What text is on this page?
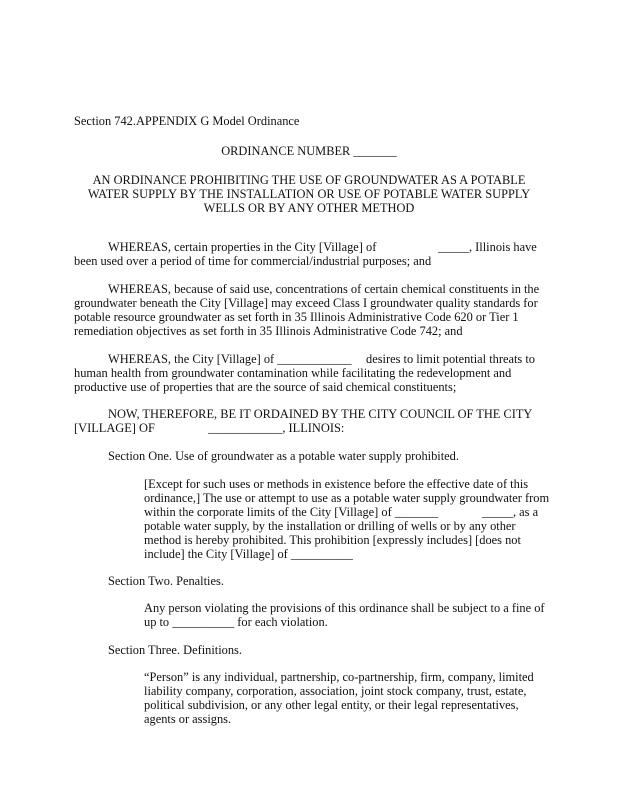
Section 742.APPENDIX G Model Ordinance
ORDINANCE NUMBER _______
AN ORDINANCE PROHIBITING THE USE OF GROUNDWATER AS A POTABLE
WATER SUPPLY BY THE INSTALLATION OR USE OF POTABLE WATER SUPPLY
WELLS OR BY ANY OTHER METHOD
WHEREAS, certain properties in the City [Village] of	_____, Illinois have
been used over a period of time for commercial/industrial purposes; and
WHEREAS, because of said use, concentrations of certain chemical constituents in the
groundwater beneath the City [Village] may exceed Class I groundwater quality standards for
potable resource groundwater as set forth in 35 Illinois Administrative Code 620 or Tier 1
remediation objectives as set forth in 35 Illinois Administrative Code 742; and
WHEREAS, the City [Village] of ____________ desires to limit potential threats to
human health from groundwater contamination while facilitating the redevelopment and
productive use of properties that are the source of said chemical constituents;
NOW, THEREFORE, BE IT ORDAINED BY THE CITY COUNCIL OF THE CITY
[VILLAGE] OF	____________, ILLINOIS:
Section One. Use of groundwater as a potable water supply prohibited.
[Except for such uses or methods in existence before the effective date of this
ordinance,] The use or attempt to use as a potable water supply groundwater from
within the corporate limits of the City [Village] of _______	_____, as a
potable water supply, by the installation or drilling of wells or by any other
method is hereby prohibited. This prohibition [expressly includes] [does not
include] the City [Village] of __________
Section Two. Penalties.
Any person violating the provisions of this ordinance shall be subject to a fine of
up to __________ for each violation.
Section Three. Definitions.
“Person” is any individual, partnership, co-partnership, firm, company, limited
liability company, corporation, association, joint stock company, trust, estate,
political subdivision, or any other legal entity, or their legal representatives,
agents or assigns.
